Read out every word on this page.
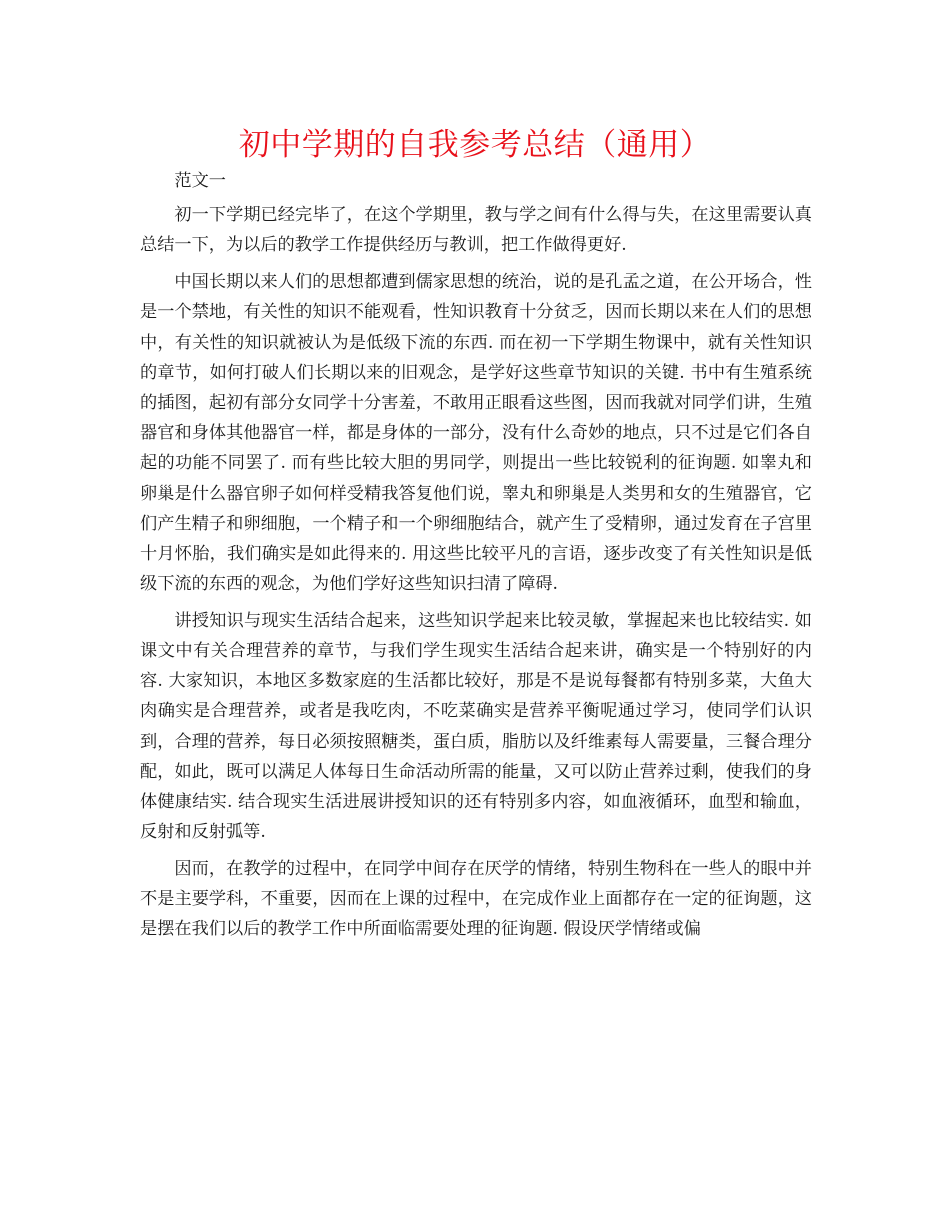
初中学期的自我参考总结（通用）

范文一

初一下学期已经完毕了，在这个学期里，教与学之间有什么得与失，在这里需要认真总结一下，为以后的教学工作提供经历与教训，把工作做得更好.

中国长期以来人们的思想都遭到儒家思想的统治，说的是孔孟之道，在公开场合，性是一个禁地，有关性的知识不能观看，性知识教育十分贫乏，因而长期以来在人们的思想中，有关性的知识就被认为是低级下流的东西. 而在初一下学期生物课中，就有关性知识的章节，如何打破人们长期以来的旧观念，是学好这些章节知识的关键. 书中有生殖系统的插图，起初有部分女同学十分害羞，不敢用正眼看这些图，因而我就对同学们讲，生殖器官和身体其他器官一样，都是身体的一部分，没有什么奇妙的地点，只不过是它们各自起的功能不同罢了. 而有些比较大胆的男同学，则提出一些比较锐利的征询题. 如睾丸和卵巢是什么器官卵子如何样受精我答复他们说，睾丸和卵巢是人类男和女的生殖器官，它们产生精子和卵细胞，一个精子和一个卵细胞结合，就产生了受精卵，通过发育在子宫里十月怀胎，我们确实是如此得来的. 用这些比较平凡的言语，逐步改变了有关性知识是低级下流的东西的观念，为他们学好这些知识扫清了障碍.

讲授知识与现实生活结合起来，这些知识学起来比较灵敏，掌握起来也比较结实. 如课文中有关合理营养的章节，与我们学生现实生活结合起来讲，确实是一个特别好的内容. 大家知识，本地区多数家庭的生活都比较好，那是不是说每餐都有特别多菜，大鱼大肉确实是合理营养，或者是我吃肉，不吃菜确实是营养平衡呢通过学习，使同学们认识到，合理的营养，每日必须按照糖类，蛋白质，脂肪以及纤维素每人需要量，三餐合理分配，如此，既可以满足人体每日生命活动所需的能量，又可以防止营养过剩，使我们的身体健康结实. 结合现实生活进展讲授知识的还有特别多内容，如血液循环，血型和输血，反射和反射弧等.

因而，在教学的过程中，在同学中间存在厌学的情绪，特别生物科在一些人的眼中并不是主要学科，不重要，因而在上课的过程中，在完成作业上面都存在一定的征询题，这是摆在我们以后的教学工作中所面临需要处理的征询题. 假设厌学情绪或偏
